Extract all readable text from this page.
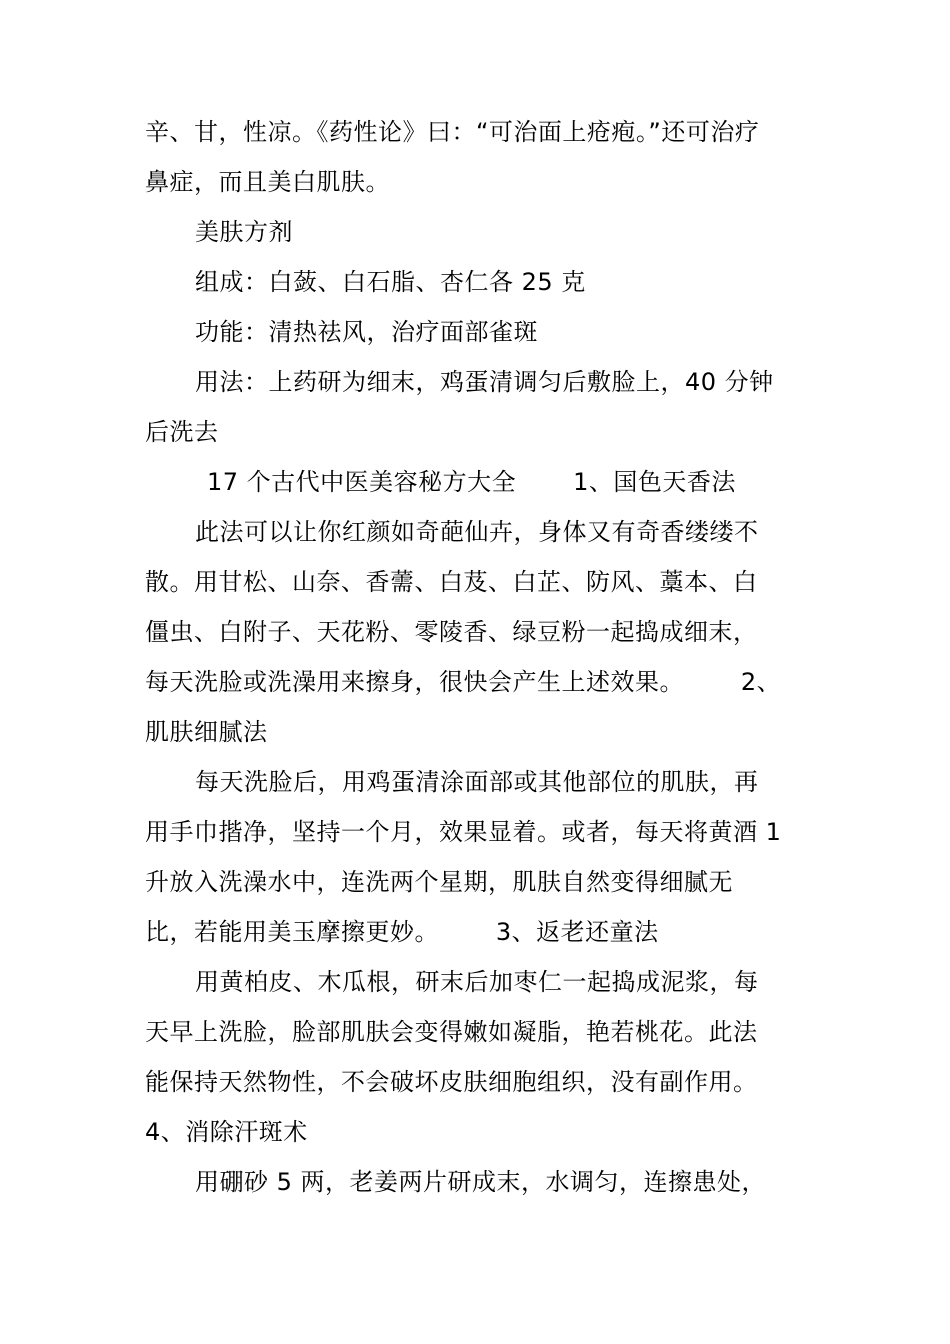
辛、甘，性凉。《药性论》曰：“可治面上疮疱。”还可治疗
鼻症，而且美白肌肤。
美肤方剂
组成：白蔹、白石脂、杏仁各 25 克
功能：清热祛风，治疗面部雀斑
用法：上药研为细末，鸡蛋清调匀后敷脸上，40 分钟
后洗去
17 个古代中医美容秘方大全       1、国色天香法
此法可以让你红颜如奇葩仙卉，身体又有奇香缕缕不
散。用甘松、山奈、香薷、白芨、白芷、防风、藁本、白
僵虫、白附子、天花粉、零陵香、绿豆粉一起捣成细末，
每天洗脸或洗澡用来擦身，很快会产生上述效果。       2、
肌肤细腻法
每天洗脸后，用鸡蛋清涂面部或其他部位的肌肤，再
用手巾揩净，坚持一个月，效果显着。或者，每天将黄酒 1
升放入洗澡水中，连洗两个星期，肌肤自然变得细腻无
比，若能用美玉摩擦更妙。       3、返老还童法
用黄柏皮、木瓜根，研末后加枣仁一起捣成泥浆，每
天早上洗脸，脸部肌肤会变得嫩如凝脂，艳若桃花。此法
能保持天然物性，不会破坏皮肤细胞组织，没有副作用。
4、消除汗斑术
用硼砂 5 两，老姜两片研成末，水调匀，连擦患处，
